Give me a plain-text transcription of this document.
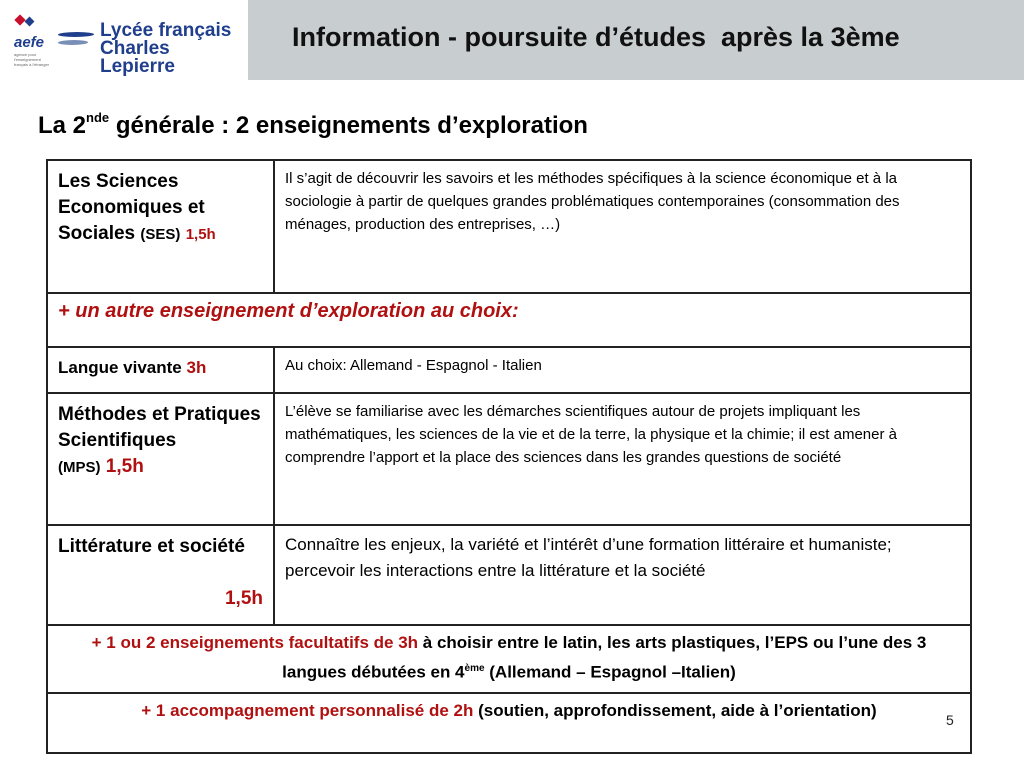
aefe
agence pour l'enseignement français à l'étranger
Lycée français
Charles Lepierre
Information - poursuite d’études  après la 3ème
La 2nde générale : 2 enseignements d’exploration
Les Sciences Economiques et Sociales (SES) 1,5h	Il s’agit de découvrir les savoirs et les méthodes spécifiques à la science économique et à la sociologie à partir de quelques grandes problématiques contemporaines (consommation des ménages, production des entreprises, …)
+ un autre enseignement d’exploration au choix:	
Langue vivante 3h	Au choix: Allemand - Espagnol - Italien

Méthodes et Pratiques Scientifiques
(MPS) 1,5h	L’élève se familiarise avec les démarches scientifiques autour de projets impliquant les mathématiques, les sciences de la vie et de la terre, la physique et la chimie; il est amener à comprendre l’apport et la place des sciences dans les grandes questions de société
Littérature et société
1,5h	Connaître les enjeux, la variété et l’intérêt d’une formation littéraire et humaniste; percevoir les interactions entre la littérature et la société
+ 1 ou 2 enseignements facultatifs de 3h à choisir entre le latin, les arts plastiques, l’EPS ou l’une des 3 langues débutées en 4ème (Allemand – Espagnol –Italien)	
+ 1 accompagnement personnalisé de 2h (soutien, approfondissement, aide à l’orientation)		5
